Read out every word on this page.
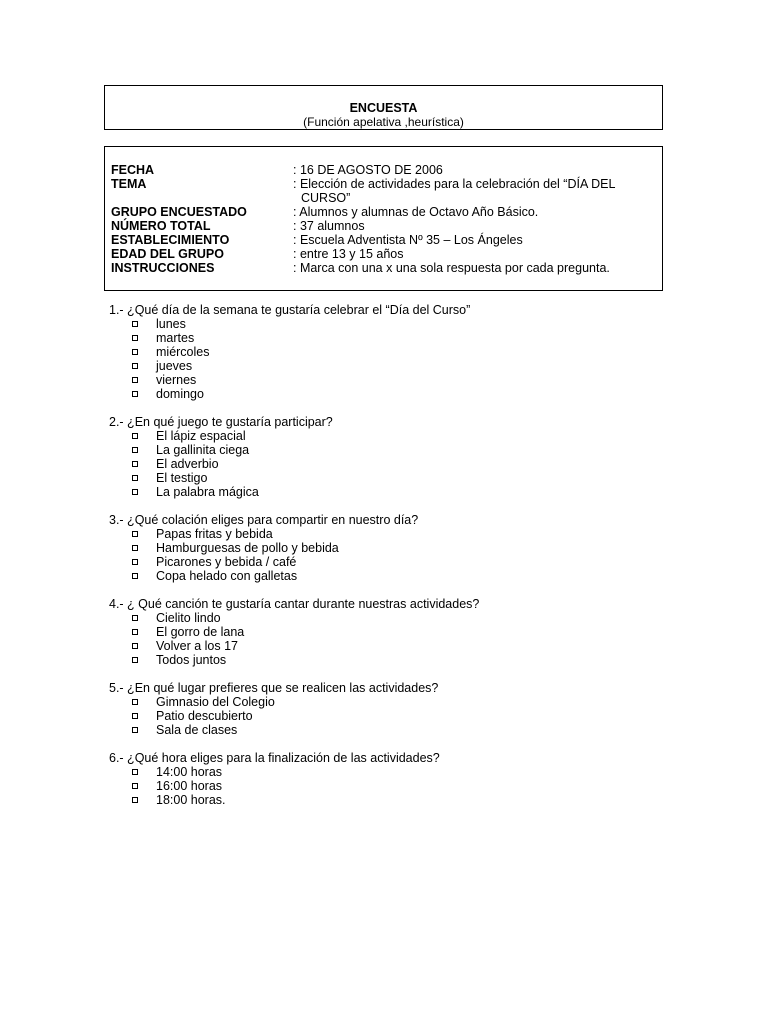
ENCUESTA
(Función apelativa ,heurística)
FECHA	: 16 DE AGOSTO DE 2006
TEMA	: Elección de actividades para la celebración del “DÍA DEL
CURSO”
GRUPO ENCUESTADO	: Alumnos y alumnas de Octavo Año Básico.
NÚMERO TOTAL	: 37 alumnos
ESTABLECIMIENTO	: Escuela Adventista Nº 35 – Los Ángeles
EDAD DEL GRUPO	: entre 13 y 15 años
INSTRUCCIONES	: Marca con una x una sola respuesta por cada pregunta.
1.- ¿Qué día de la semana te gustaría celebrar el “Día del Curso”
lunes
martes
miércoles
jueves
viernes
domingo
2.- ¿En qué juego te gustaría participar?
El lápiz espacial
La gallinita ciega
El adverbio
El testigo
La palabra mágica
3.- ¿Qué colación eliges para compartir en nuestro día?
Papas fritas y bebida
Hamburguesas de pollo y bebida
Picarones y bebida / café
Copa helado con galletas
4.- ¿ Qué canción te gustaría cantar durante nuestras actividades?
Cielito lindo
El gorro de lana
Volver a los 17
Todos juntos
5.- ¿En qué lugar prefieres que se realicen las actividades?
Gimnasio del Colegio
Patio descubierto
Sala de clases
6.- ¿Qué hora eliges para la finalización de las actividades?
14:00 horas
16:00 horas
18:00 horas.
